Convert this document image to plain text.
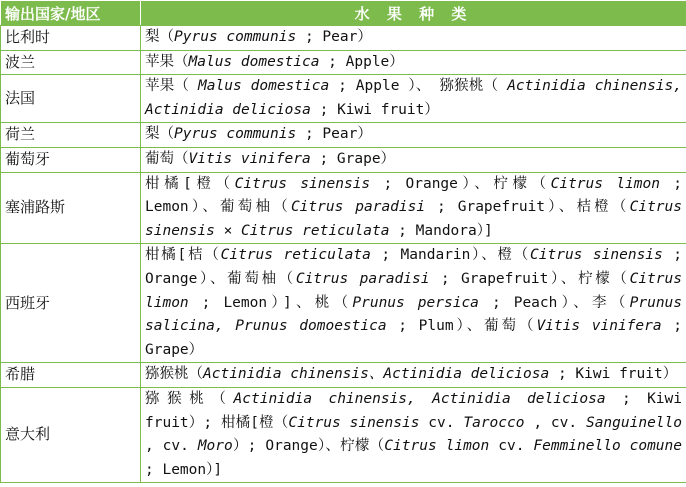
输出国家/地区	水 果 种 类
比利时	梨（Pyrus communis ; Pear）
波兰	苹果（Malus domestica ; Apple）
法国	苹果（ Malus domestica ; Apple ）、 猕猴桃（ Actinidia chinensis, Actinidia deliciosa ; Kiwi fruit）
荷兰	梨（Pyrus communis ; Pear）
葡萄牙	葡萄（Vitis vinifera ; Grape）
塞浦路斯	柑橘[橙（Citrus sinensis ; Orange）、柠檬（Citrus limon ; Lemon）、葡萄柚（Citrus paradisi ; Grapefruit）、桔橙（Citrus sinensis × Citrus reticulata ; Mandora）]
西班牙	柑橘[桔（Citrus reticulata ; Mandarin）、橙（Citrus sinensis ; Orange）、葡萄柚（Citrus paradisi ; Grapefruit）、柠檬（Citrus limon ; Lemon）]、桃（Prunus persica ; Peach）、李（Prunus salicina, Prunus domoestica ; Plum）、葡萄（Vitis vinifera ; Grape）
希腊	猕猴桃（Actinidia chinensis、Actinidia deliciosa ; Kiwi fruit）
意大利	猕猴桃（Actinidia chinensis, Actinidia deliciosa ; Kiwi fruit）; 柑橘[橙（Citrus sinensis cv. Tarocco , cv. Sanguinello , cv. Moro）; Orange）、柠檬（Citrus limon cv. Femminello comune ; Lemon）]
